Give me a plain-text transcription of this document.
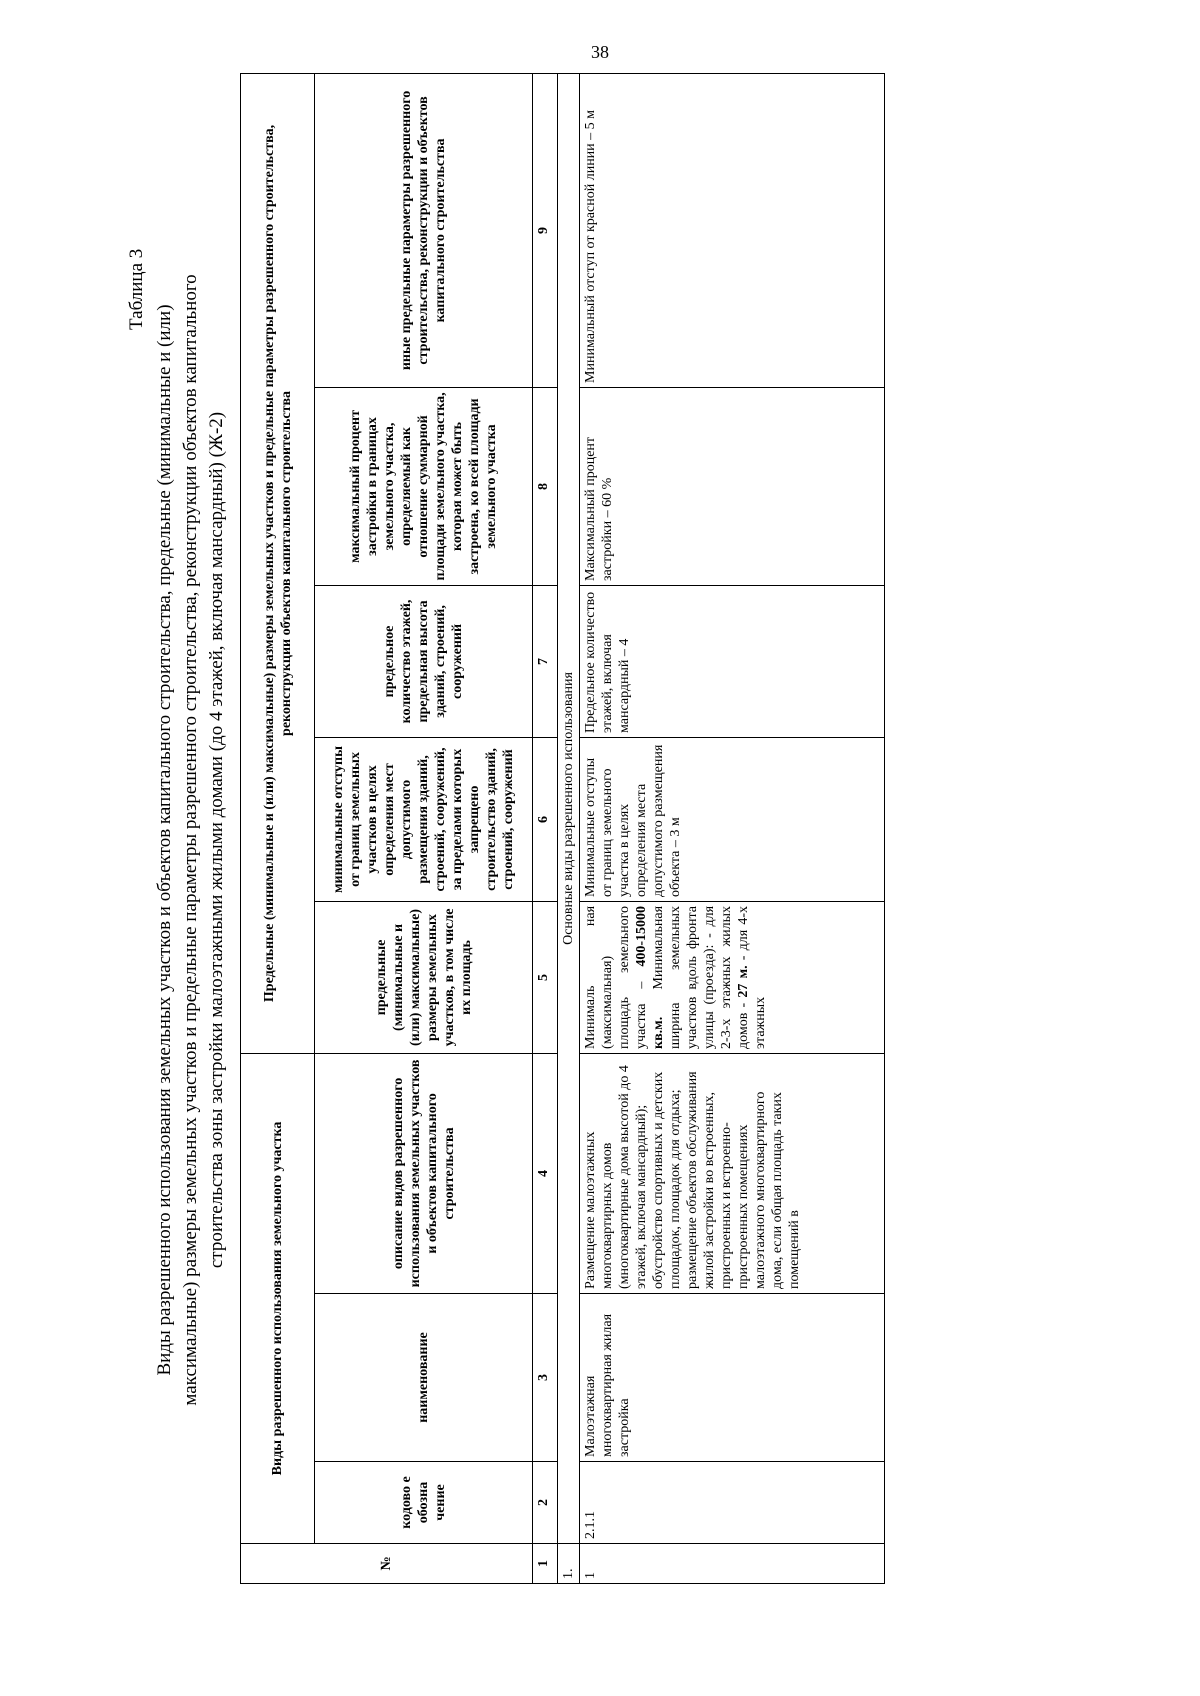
38
Таблица 3
Виды разрешенного использования земельных участков и объектов капитального строительства, предельные (минимальные и (или) максимальные) размеры земельных участков и предельные параметры разрешенного строительства, реконструкции объектов капитального строительства зоны застройки малоэтажными жилыми домами (до 4 этажей, включая мансардный) (Ж-2)
№	Виды разрешенного использования земельного участка			Предельные (минимальные и (или) максимальные) размеры земельных участков и предельные параметры разрешенного строительства, реконструкции объектов капитального строительства				
	кодово е обозна чение	наименование	описание видов разрешенного использования земельных участков и объектов капитального строительства	предельные (минимальные и (или) максимальные) размеры земельных участков, в том числе их площадь	минимальные отступы от границ земельных участков в целях определения мест допустимого размещения зданий, строений, сооружений, за пределами которых запрещено строительство зданий, строений, сооружений	предельное количество этажей, предельная высота зданий, строений, сооружений	максимальный процент застройки в границах земельного участка, определяемый как отношение суммарной площади земельного участка, которая может быть застроена, ко всей площади земельного участка	иные предельные параметры разрешенного строительства, реконструкции и объектов капитального строительства
1	2	3	4	5	6	7	8	9
1.	Основные виды разрешенного использования							
1	2.1.1	Малоэтажная многоквартирная жилая застройка	Размещение малоэтажных многоквартирных домов (многоквартирные дома высотой до 4 этажей, включая мансардный); обустройство спортивных и детских площадок, площадок для отдыха; размещение объектов обслуживания жилой застройки во встроенных, пристроенных и встроенно-пристроенных помещениях малоэтажного многоквартирного дома, если общая площадь таких помещений в	Минималь ная (максимальная) площадь земельного участка – 400-15000 кв.м. Минимальная ширина земельных участков вдоль фронта улицы (проезда): - для 2-3-х этажных жилых домов - 27 м. - для 4-х этажных	Минимальные отступы от границ земельного участка в целях определения места допустимого размещения объекта – 3 м	Предельное количество этажей, включая мансардный – 4	Максимальный процент застройки – 60 %	Минимальный отступ от красной линии – 5 м
